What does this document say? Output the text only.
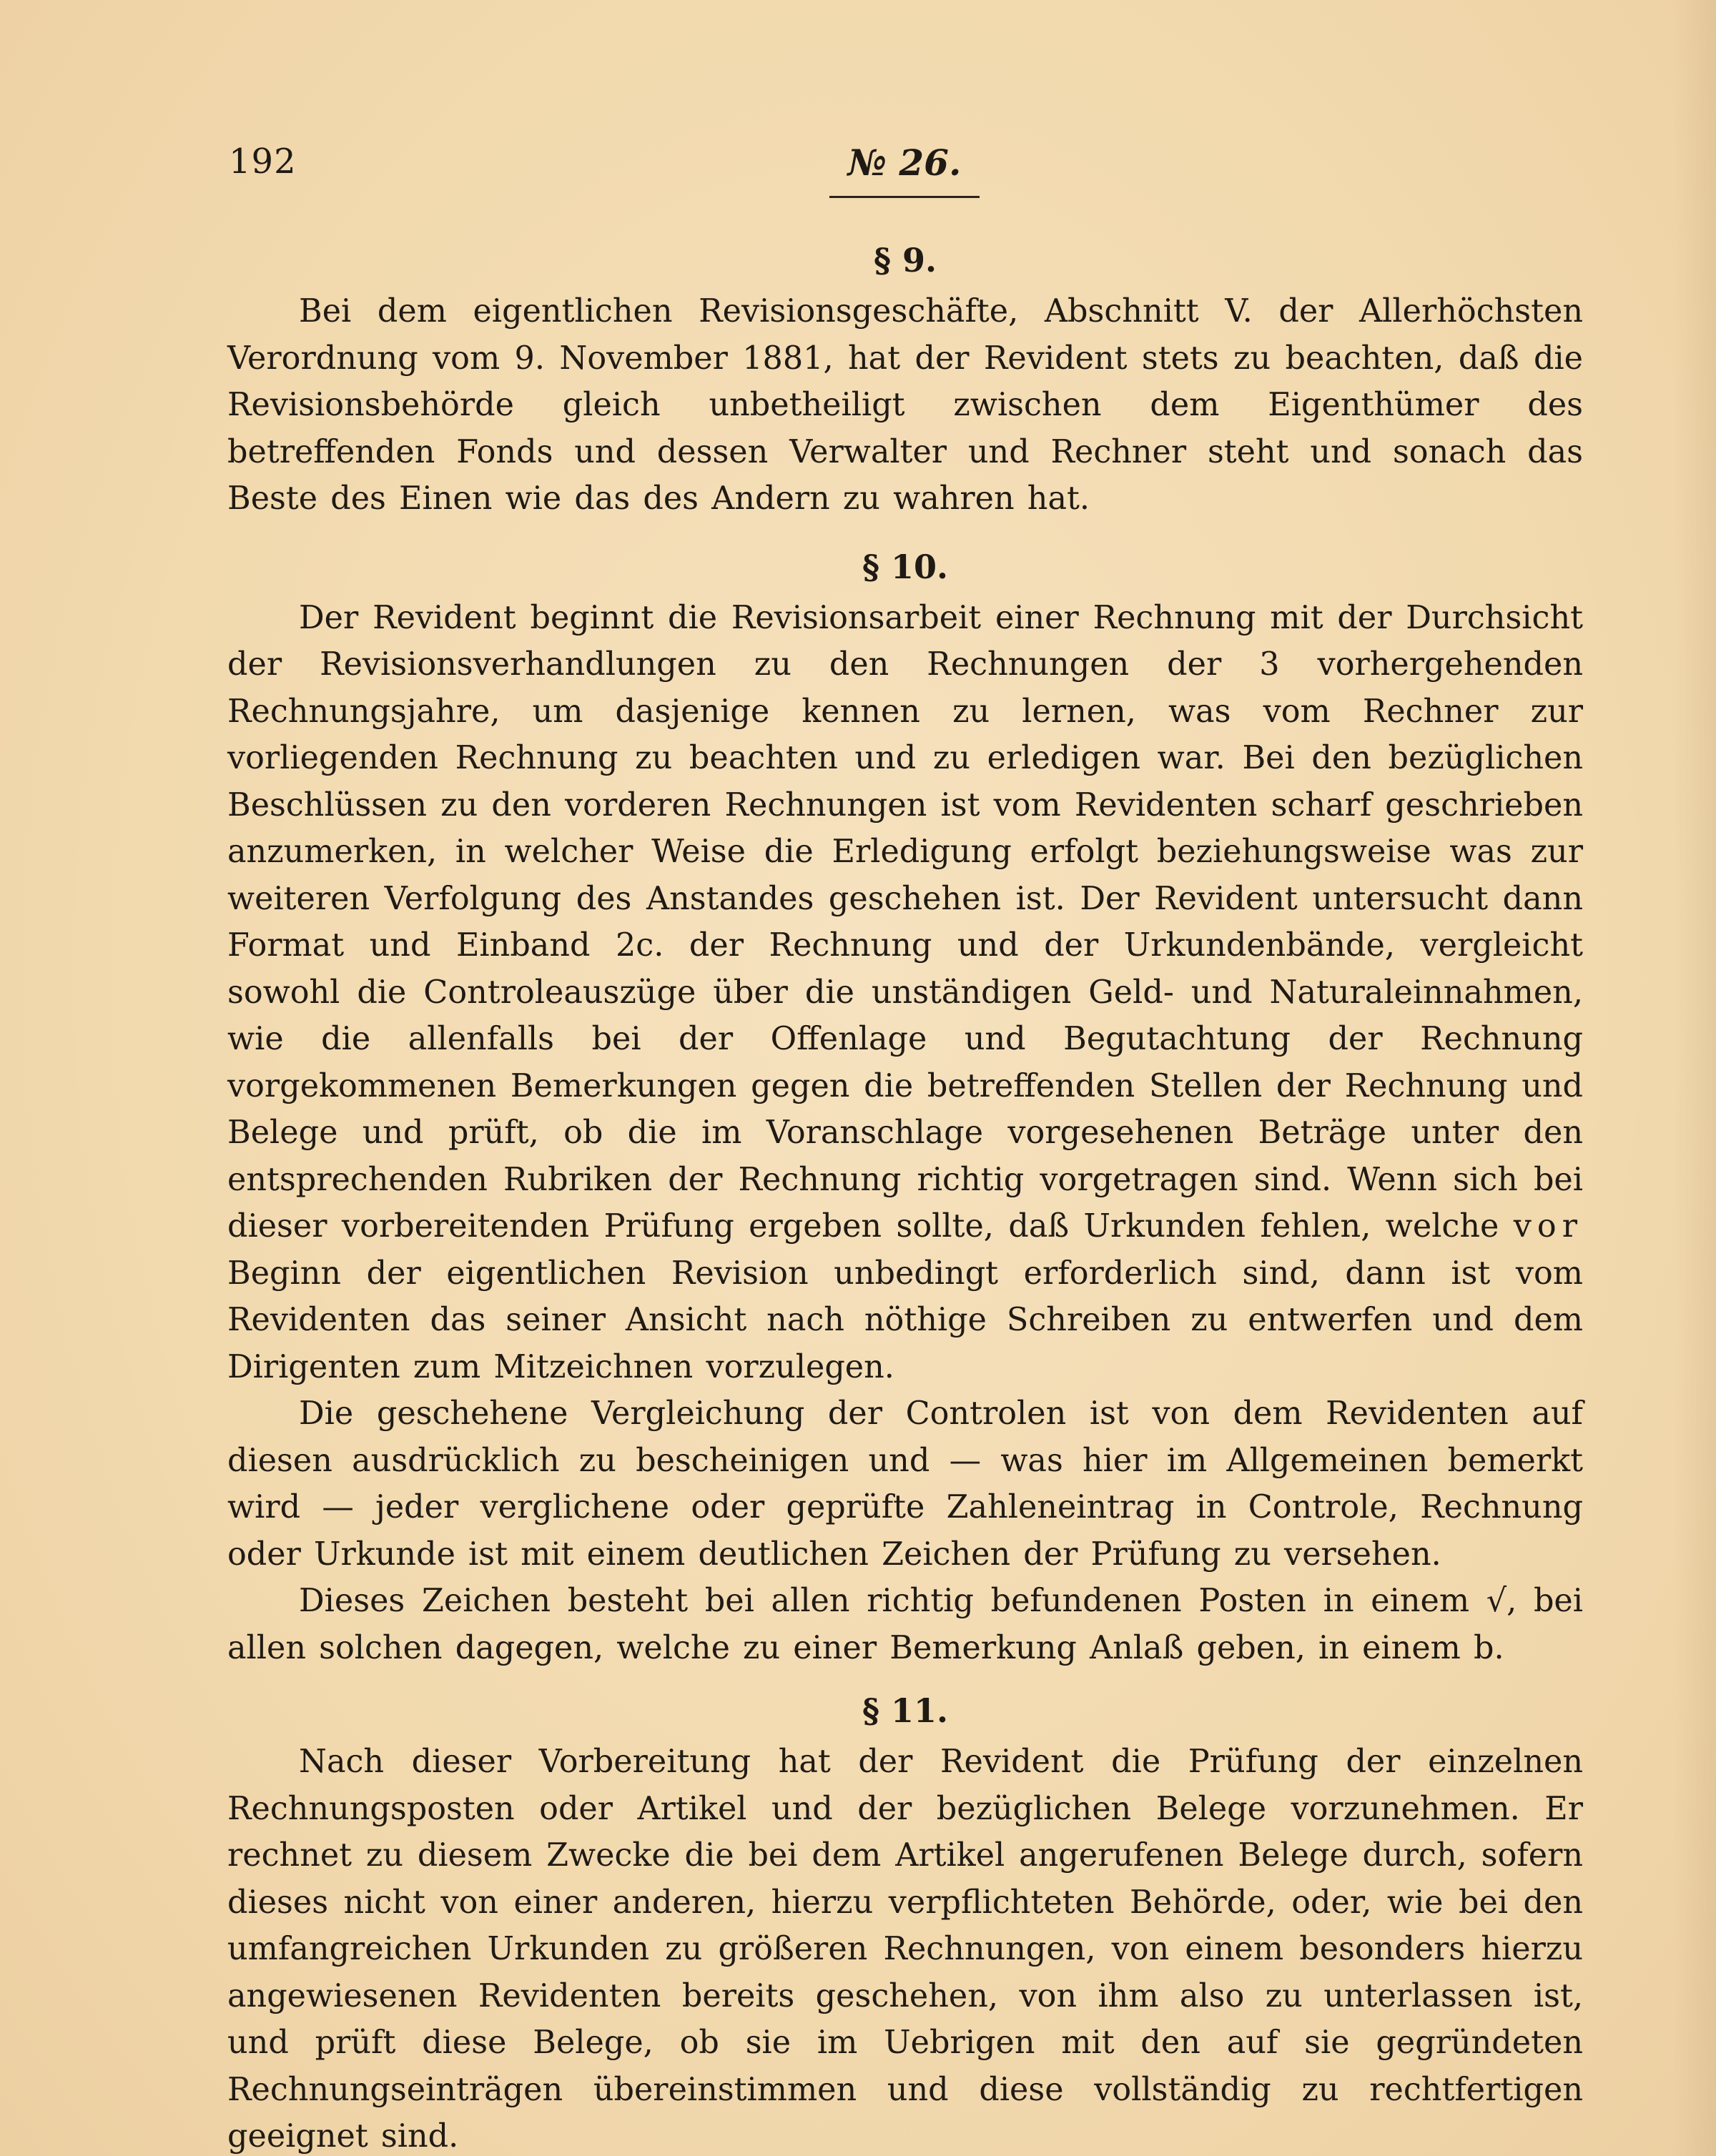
192	№ 26.
§ 9.

Bei dem eigentlichen Revisionsgeschäfte, Abschnitt V. der Allerhöchsten Verordnung vom 9. November 1881, hat der Revident stets zu beachten, daß die Revisionsbehörde gleich unbetheiligt zwischen dem Eigenthümer des betreffenden Fonds und dessen Verwalter und Rechner steht und sonach das Beste des Einen wie das des Andern zu wahren hat.

§ 10.

Der Revident beginnt die Revisionsarbeit einer Rechnung mit der Durchsicht der Revisionsverhandlungen zu den Rechnungen der 3 vorhergehenden Rechnungsjahre, um dasjenige kennen zu lernen, was vom Rechner zur vorliegenden Rechnung zu beachten und zu erledigen war. Bei den bezüglichen Beschlüssen zu den vorderen Rechnungen ist vom Revidenten scharf geschrieben anzumerken, in welcher Weise die Erledigung erfolgt beziehungsweise was zur weiteren Verfolgung des Anstandes geschehen ist. Der Revident untersucht dann Format und Einband 2c. der Rechnung und der Urkundenbände, vergleicht sowohl die Controleauszüge über die unständigen Geld- und Naturaleinnahmen, wie die allenfalls bei der Offenlage und Begutachtung der Rechnung vorgekommenen Bemerkungen gegen die betreffenden Stellen der Rechnung und Belege und prüft, ob die im Voranschlage vorgesehenen Beträge unter den entsprechenden Rubriken der Rechnung richtig vorgetragen sind. Wenn sich bei dieser vorbereitenden Prüfung ergeben sollte, daß Urkunden fehlen, welche vor Beginn der eigentlichen Revision unbedingt erforderlich sind, dann ist vom Revidenten das seiner Ansicht nach nöthige Schreiben zu entwerfen und dem Dirigenten zum Mitzeichnen vorzulegen.

Die geschehene Vergleichung der Controlen ist von dem Revidenten auf diesen ausdrücklich zu bescheinigen und — was hier im Allgemeinen bemerkt wird — jeder verglichene oder geprüfte Zahleneintrag in Controle, Rechnung oder Urkunde ist mit einem deutlichen Zeichen der Prüfung zu versehen.

Dieses Zeichen besteht bei allen richtig befundenen Posten in einem √, bei allen solchen dagegen, welche zu einer Bemerkung Anlaß geben, in einem b.

§ 11.

Nach dieser Vorbereitung hat der Revident die Prüfung der einzelnen Rechnungsposten oder Artikel und der bezüglichen Belege vorzunehmen. Er rechnet zu diesem Zwecke die bei dem Artikel angerufenen Belege durch, sofern dieses nicht von einer anderen, hierzu verpflichteten Behörde, oder, wie bei den umfangreichen Urkunden zu größeren Rechnungen, von einem besonders hierzu angewiesenen Revidenten bereits geschehen, von ihm also zu unterlassen ist, und prüft diese Belege, ob sie im Uebrigen mit den auf sie gegründeten Rechnungseinträgen übereinstimmen und diese vollständig zu rechtfertigen geeignet sind.
